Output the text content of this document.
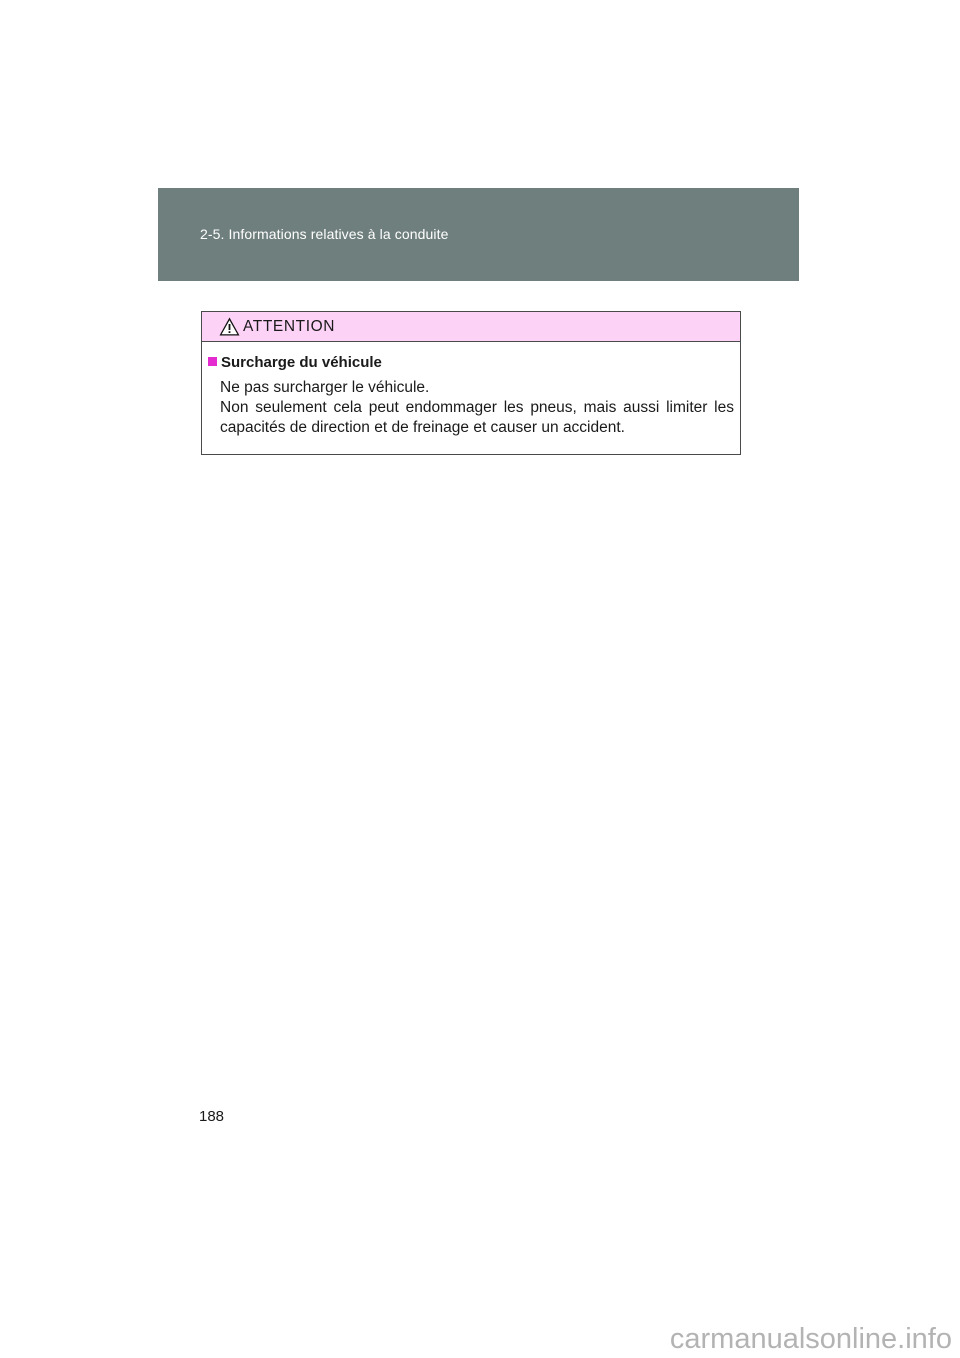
2-5. Informations relatives à la conduite
ATTENTION
Surcharge du véhicule
Ne pas surcharger le véhicule.
Non seulement cela peut endommager les pneus, mais aussi limiter les capacités de direction et de freinage et causer un accident.
188
carmanualsonline.info
